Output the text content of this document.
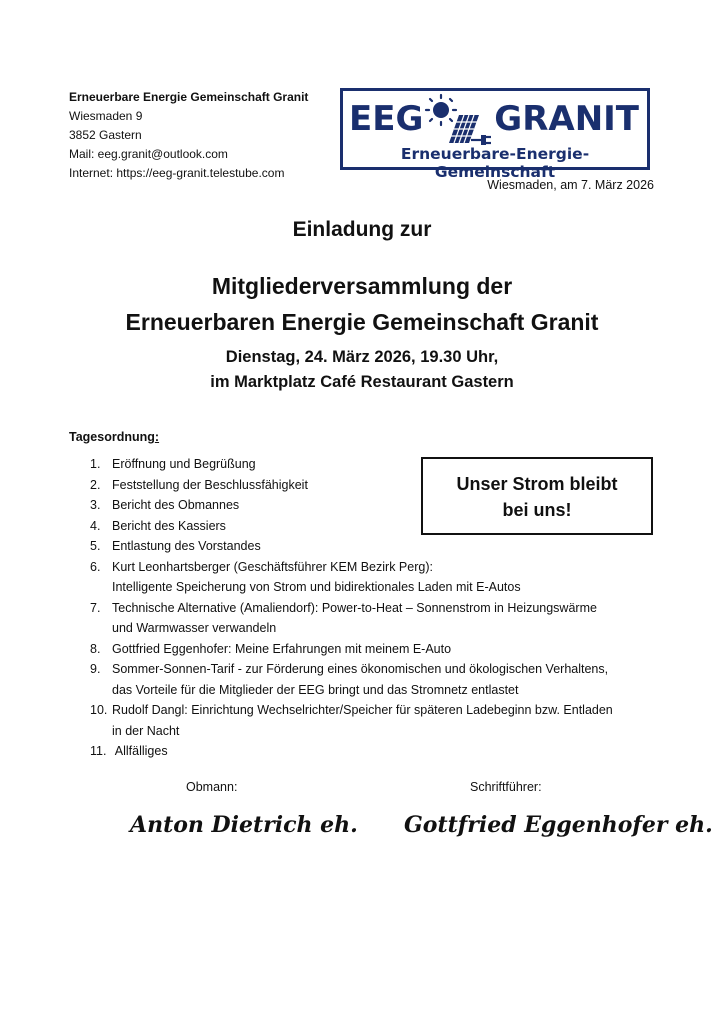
Erneuerbare Energie Gemeinschaft Granit
Wiesmaden 9
3852 Gastern
Mail: eeg.granit@outlook.com
Internet: https://eeg-granit.telestube.com
EEG GRANIT
Erneuerbare-Energie-Gemeinschaft
Wiesmaden, am 7. März 2026
Einladung zur
Mitgliederversammlung der
Erneuerbaren Energie Gemeinschaft Granit
Dienstag, 24. März 2026, 19.30 Uhr,
im Marktplatz Café Restaurant Gastern
Tagesordnung:
1. Eröffnung und Begrüßung
2. Feststellung der Beschlussfähigkeit
3. Bericht des Obmannes
4. Bericht des Kassiers
5. Entlastung des Vorstandes
6. Kurt Leonhartsberger (Geschäftsführer KEM Bezirk Perg):
Intelligente Speicherung von Strom und bidirektionales Laden mit E-Autos
7. Technische Alternative (Amaliendorf): Power-to-Heat – Sonnenstrom in Heizungswärme
und Warmwasser verwandeln
8. Gottfried Eggenhofer: Meine Erfahrungen mit meinem E-Auto
9. Sommer-Sonnen-Tarif - zur Förderung eines ökonomischen und ökologischen Verhaltens,
das Vorteile für die Mitglieder der EEG bringt und das Stromnetz entlastet
10. Rudolf Dangl: Einrichtung Wechselrichter/Speicher für späteren Ladebeginn bzw. Entladen
in der Nacht
11. Allfälliges
Unser Strom bleibt
bei uns!
Obmann:	Schriftführer:
Anton Dietrich eh. Gottfried Eggenhofer eh.
